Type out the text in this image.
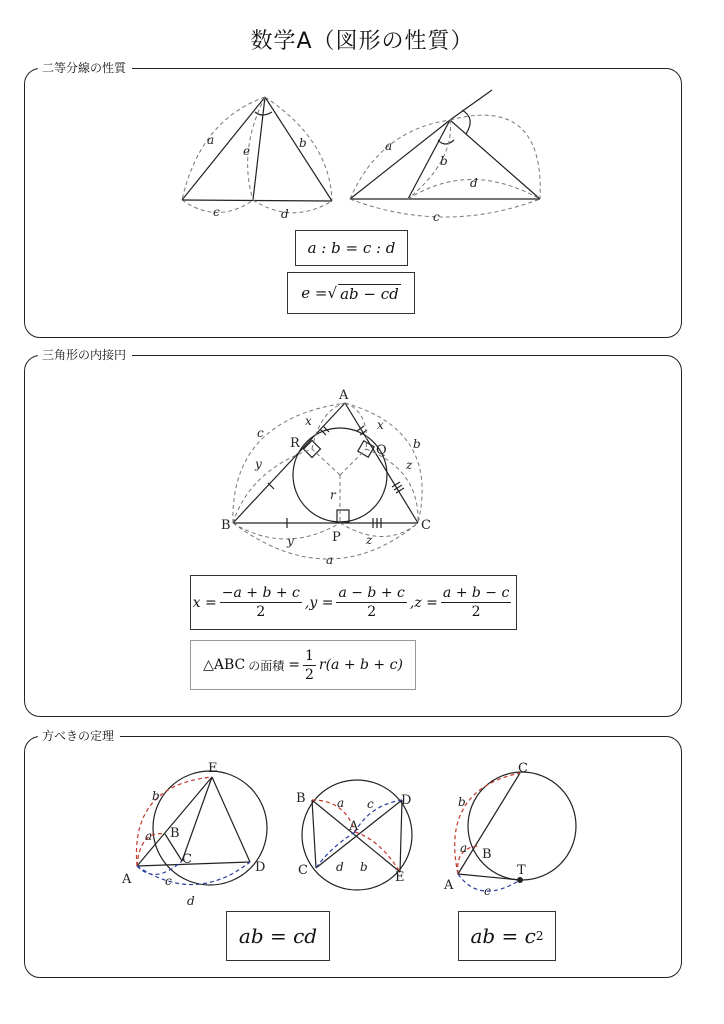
数学A（図形の性質）
二等分線の性質
a	b
e
c	d
a
b
d
c
a : b = c : d
e = √ ab − cd
三角形の内接円
A
B	C
P
Q
R
x	x
c
b
y	z
r
y	z
a
$x = \frac{-a + b + c}{2} ,y = \frac{a - b + c}{2} ,z = \frac{a + b - c}{2}$
△ABC の面積 = $\frac{1}{2} r(a + b + c)$
方べきの定理
E
B
C
A
D
B	D
A
C	E
C
B
A
T
b
a
c
d
a c
d b
b
a
c
ab = cd	ab = c 2
